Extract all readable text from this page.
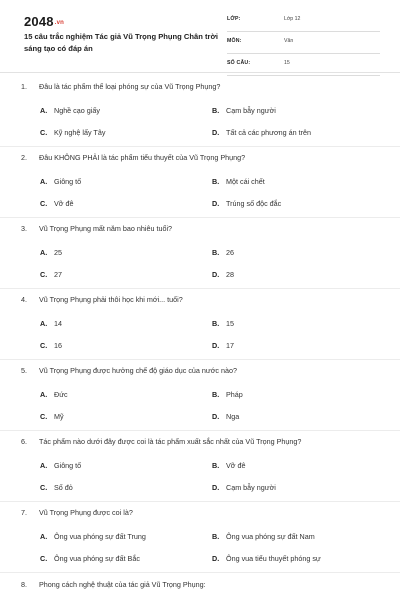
2048.vn
15 câu trắc nghiệm Tác giả Vũ Trọng Phụng Chân trời sáng tạo có đáp án
LỚP:	Lớp 12
MÔN:	Văn
SỐ CÂU:	15
1. Đâu là tác phẩm thể loại phóng sự của Vũ Trọng Phụng?
A. Nghề cạo giấy	B. Cạm bẫy người
C. Kỹ nghệ lấy Tây	D. Tất cả các phương án trên
2. Đâu KHÔNG PHẢI là tác phẩm tiểu thuyết của Vũ Trọng Phụng?
A. Giông tố	B. Một cái chết
C. Vỡ đê	D. Trúng số độc đắc
3. Vũ Trọng Phụng mất năm bao nhiêu tuổi?
A. 25	B. 26
C. 27	D. 28
4. Vũ Trọng Phụng phải thôi học khi mới... tuổi?
A. 14	B. 15
C. 16	D. 17
5. Vũ Trọng Phụng được hưởng chế độ giáo dục của nước nào?
A. Đức	B. Pháp
C. Mỹ	D. Nga
6. Tác phẩm nào dưới đây được coi là tác phẩm xuất sắc nhất của Vũ Trọng Phụng?
A. Giông tố	B. Vỡ đê
C. Số đỏ	D. Cạm bẫy người
7. Vũ Trọng Phụng được coi là?
A. Ông vua phóng sự đất Trung	B. Ông vua phóng sự đất Nam
C. Ông vua phóng sự đất Bắc	D. Ông vua tiểu thuyết phóng sự
8. Phong cách nghệ thuật của tác giả Vũ Trọng Phụng:
